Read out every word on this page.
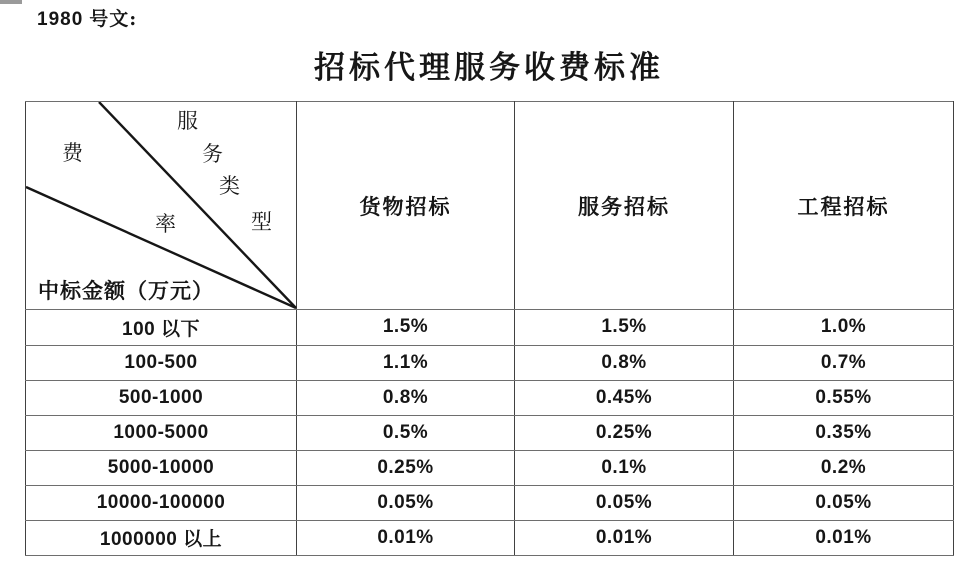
1980 号文:
招标代理服务收费标准
服
务
类
型
费
率
中标金额（万元）
	货物招标	服务招标	工程招标
100 以下	1.5%	1.5%	1.0%
100-500	1.1%	0.8%	0.7%
500-1000	0.8%	0.45%	0.55%
1000-5000	0.5%	0.25%	0.35%
5000-10000	0.25%	0.1%	0.2%
10000-100000	0.05%	0.05%	0.05%
1000000 以上	0.01%	0.01%	0.01%
